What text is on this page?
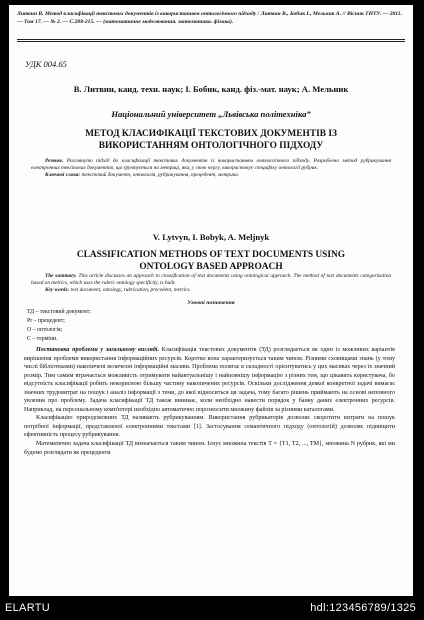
Литвин В. Метод класифікації текстових документів із використанням онтологічного підходу / Литвин В., Бобик І., Мельник А. // Вісник ТНТУ. — 2011. — Том 17. — № 2. — С.208-215. — (математичне моделювання. математика. фізика).
УДК 004.65
В. Литвин, канд. техн. наук; І. Бобик, канд. фіз.-мат. наук; А. Мельник
Національний університет „Львівська політехніка”
МЕТОД КЛАСИФІКАЦІЇ ТЕКСТОВИХ ДОКУМЕНТІВ ІЗ ВИКОРИСТАННЯМ ОНТОЛОГІЧНОГО ПІДХОДУ
Резюме. Розглянуто підхід до класифікації текстових документів із використанням онтологічного підходу. Розроблено метод рубрикування електронних текстових документів, що ґрунтується на метриці, яка, у свою чергу, використовує специфіку онтології рубрик.
Ключові слова: текстовий документ, онтологія, рубрикування, прецедент, метрика.
V. Lytvyn, I. Bobyk, A. Meljnyk
CLASSIFICATION METHODS OF TEXT DOCUMENTS USING ONTOLOGY BASED APPROACH
The summary. This article discusses an approach to classification of text documents using ontological approach. The method of text documents categorization based on metrics, which uses the rubric ontology specificity, is built.
Key words: text document, ontology, rubrication, precedent, metrics.
Умовні позначення
ТД – текстовий документ;
Pr – прецедент;
O – онтологія;
C – терміни.

Постановка проблеми у загальному вигляді. Класифікація текстових документів (ТД) розглядається як один із можливих варіантів вирішення проблеми використання інформаційних ресурсів. Коротко вона характеризується таким чином. Різними сховищами знань (у тому числі бібліотеками) накопичені величезні інформаційні масиви. Проблема полягає в складності орієнтуватись у цих масивах через їх значний розмір. Тим самим втрачається можливість отримувати найактуальнішу і найповнішу інформацію з різних тем, що цікавить користувача, бо відсутність класифікації робить некорисною більшу частину накопичених ресурсів. Оскільки дослідження деякої конкретної задачі вимагає значних трудовитрат на пошук і аналіз інформації з теми, до якої відноситься ця задача, тому багато рішень приймають на основі неповного увлення про проблему. Задача класифікації ТД також виникає, коли необхідно навести порядок у банку даних електронних ресурсів. Наприклад, на персональному комп'ютері необхідно автоматично порозносити множину файлів за різними каталогами.

Класифікацію природомовних ТД називають рубрикуванням. Використання рубрикаторів дозволяє скоротити витрати на пошук потрібної інформації, представленої електронними текстами [1]. Застосування семантичного підходу (онтологій) дозволяє підвищити ефективність процесу рубрикування.

Математично задача класифікації ТД визначається таким чином. Існує множина текстів T = {T1, T2, ..., TM}, множина N рубрик, які ми будемо розглядати як прецеденти

ELARTU	hdl:123456789/1325
